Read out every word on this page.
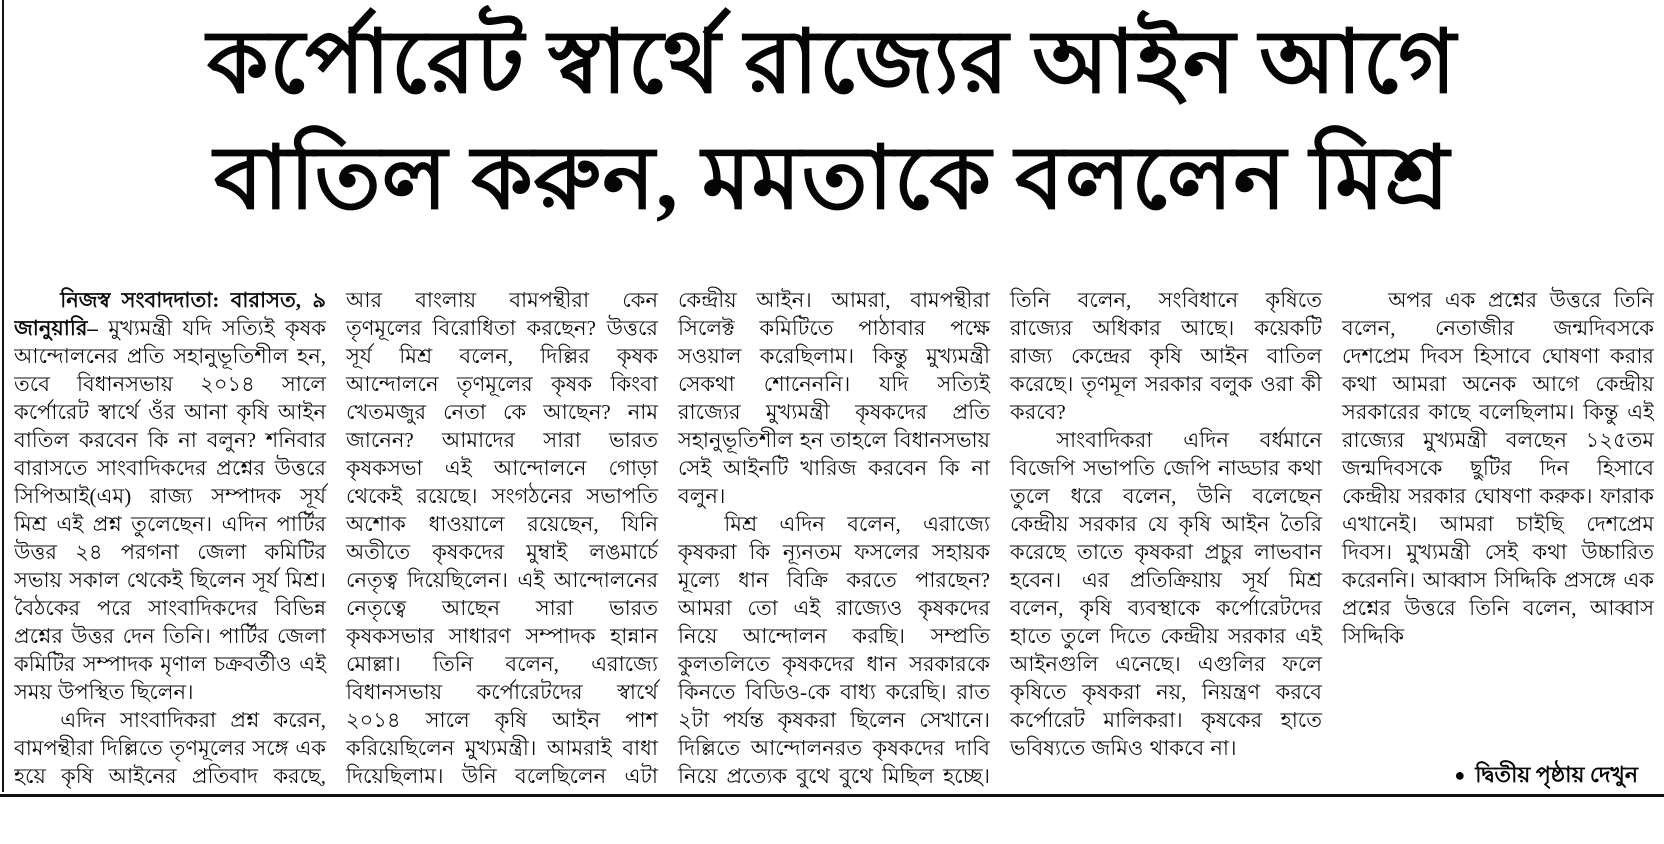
কর্পোরেট স্বার্থে রাজ্যের আইন আগে
বাতিল করুন, মমতাকে বললেন মিশ্র

নিজস্ব সংবাদদাতা: বারাসত, ৯ জানুয়ারি– মুখ্যমন্ত্রী যদি সত্যিই কৃষক আন্দোলনের প্রতি সহানুভূতিশীল হন, তবে বিধানসভায় ২০১৪ সালে কর্পোরেট স্বার্থে ওঁর আনা কৃষি আইন বাতিল করবেন কি না বলুন? শনিবার বারাসতে সাংবাদিকদের প্রশ্নের উত্তরে সিপিআই(এম) রাজ্য সম্পাদক সূর্য মিশ্র এই প্রশ্ন তুলেছেন। এদিন পার্টির উত্তর ২৪ পরগনা জেলা কমিটির সভায় সকাল থেকেই ছিলেন সূর্য মিশ্র। বৈঠকের পরে সাংবাদিকদের বিভিন্ন প্রশ্নের উত্তর দেন তিনি। পার্টির জেলা কমিটির সম্পাদক মৃণাল চক্রবর্তীও এই সময় উপস্থিত ছিলেন।

এদিন সাংবাদিকরা প্রশ্ন করেন, বামপন্থীরা দিল্লিতে তৃণমূলের সঙ্গে এক হয়ে কৃষি আইনের প্রতিবাদ করছে, আর বাংলায় বামপন্থীরা কেন তৃণমূলের বিরোধিতা করছেন? উত্তরে সূর্য মিশ্র বলেন, দিল্লির কৃষক আন্দোলনে তৃণমূলের কৃষক কিংবা খেতমজুর নেতা কে আছেন? নাম জানেন? আমাদের সারা ভারত কৃষকসভা এই আন্দোলনে গোড়া থেকেই রয়েছে। সংগঠনের সভাপতি অশোক ধাওয়ালে রয়েছেন, যিনি অতীতে কৃষকদের মুম্বাই লঙমার্চে নেতৃত্ব দিয়েছিলেন। এই আন্দোলনের নেতৃত্বে আছেন সারা ভারত কৃষকসভার সাধারণ সম্পাদক হান্নান মোল্লা। তিনি বলেন, এরাজ্যে বিধানসভায় কর্পোরেটদের স্বার্থে ২০১৪ সালে কৃষি আইন পাশ করিয়েছিলেন মুখ্যমন্ত্রী। আমরাই বাধা দিয়েছিলাম। উনি বলেছিলেন এটা কেন্দ্রীয় আইন। আমরা, বামপন্থীরা সিলেক্ট কমিটিতে পাঠাবার পক্ষে সওয়াল করেছিলাম। কিন্তু মুখ্যমন্ত্রী সেকথা শোনেননি। যদি সত্যিই রাজ্যের মুখ্যমন্ত্রী কৃষকদের প্রতি সহানুভূতিশীল হন তাহলে বিধানসভায় সেই আইনটি খারিজ করবেন কি না বলুন।

মিশ্র এদিন বলেন, এরাজ্যে কৃষকরা কি ন্যূনতম ফসলের সহায়ক মূল্যে ধান বিক্রি করতে পারছেন? আমরা তো এই রাজ্যেও কৃষকদের নিয়ে আন্দোলন করছি। সম্প্রতি কুলতলিতে কৃষকদের ধান সরকারকে কিনতে বিডিও-কে বাধ্য করেছি। রাত ২টা পর্যন্ত কৃষকরা ছিলেন সেখানে। দিল্লিতে আন্দোলনরত কৃষকদের দাবি নিয়ে প্রত্যেক বুথে বুথে মিছিল হচ্ছে। তিনি বলেন, সংবিধানে কৃষিতে রাজ্যের অধিকার আছে। কয়েকটি রাজ্য কেন্দ্রের কৃষি আইন বাতিল করেছে। তৃণমূল সরকার বলুক ওরা কী করবে?

সাংবাদিকরা এদিন বর্ধমানে বিজেপি সভাপতি জেপি নাড্ডার কথা তুলে ধরে বলেন, উনি বলেছেন কেন্দ্রীয় সরকার যে কৃষি আইন তৈরি করেছে তাতে কৃষকরা প্রচুর লাভবান হবেন। এর প্রতিক্রিয়ায় সূর্য মিশ্র বলেন, কৃষি ব্যবস্থাকে কর্পোরেটদের হাতে তুলে দিতে কেন্দ্রীয় সরকার এই আইনগুলি এনেছে। এগুলির ফলে কৃষিতে কৃষকরা নয়, নিয়ন্ত্রণ করবে কর্পোরেট মালিকরা। কৃষকের হাতে ভবিষ্যতে জমিও থাকবে না।

অপর এক প্রশ্নের উত্তরে তিনি বলেন, নেতাজীর জন্মদিবসকে দেশপ্রেম দিবস হিসাবে ঘোষণা করার কথা আমরা অনেক আগে কেন্দ্রীয় সরকারের কাছে বলেছিলাম। কিন্তু এই রাজ্যের মুখ্যমন্ত্রী বলছেন ১২৫তম জন্মদিবসকে ছুটির দিন হিসাবে কেন্দ্রীয় সরকার ঘোষণা করুক। ফারাক এখানেই। আমরা চাইছি দেশপ্রেম দিবস। মুখ্যমন্ত্রী সেই কথা উচ্চারিত করেননি। আব্বাস সিদ্দিকি প্রসঙ্গে এক প্রশ্নের উত্তরে তিনি বলেন, আব্বাস সিদ্দিকি

● দ্বিতীয় পৃষ্ঠায় দেখুন
